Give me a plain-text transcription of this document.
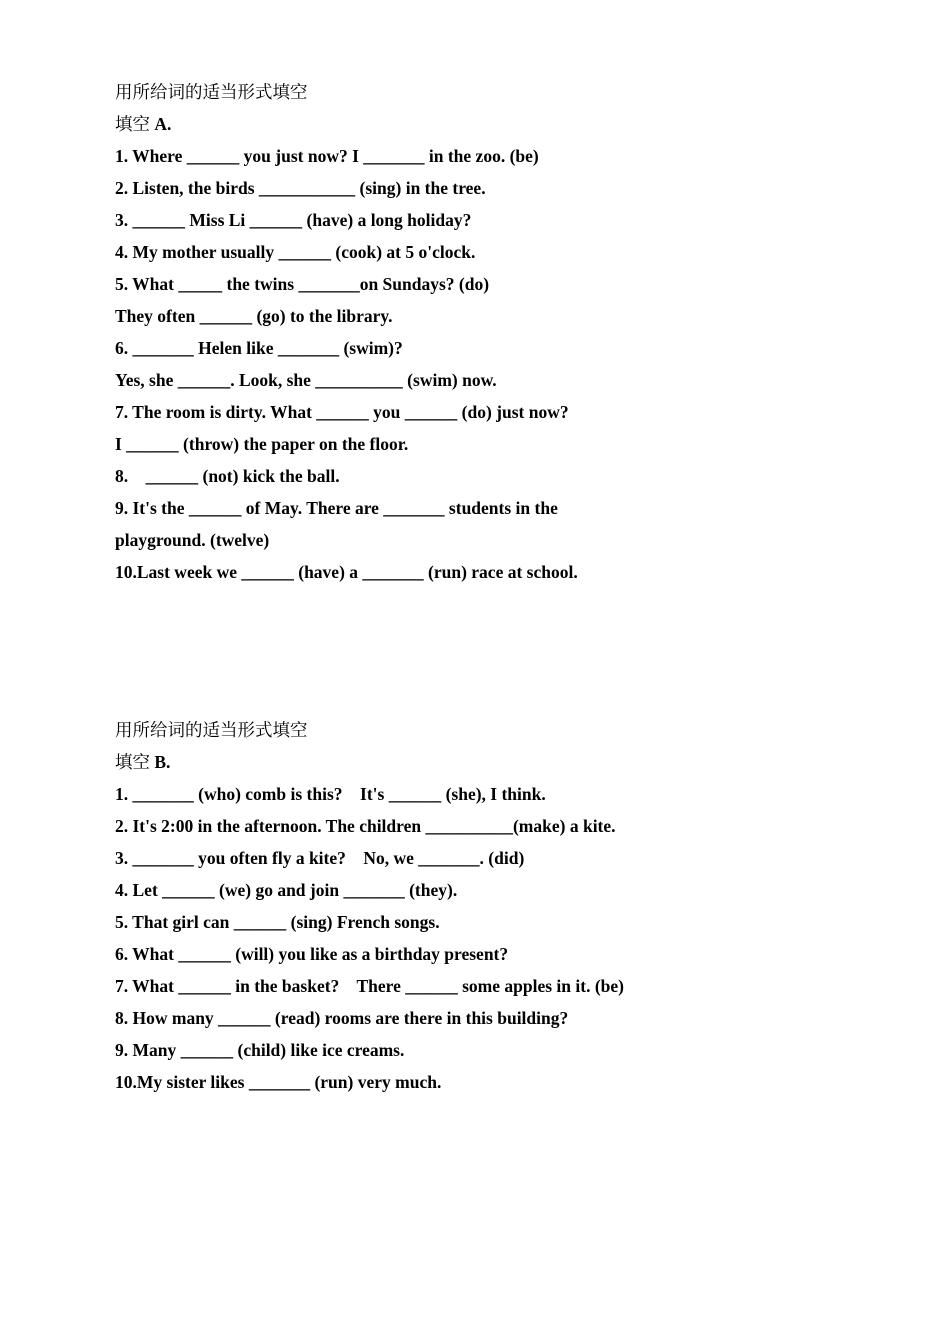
用所给词的适当形式填空
填空 A.
1. Where ______ you just now? I _______ in the zoo. (be)
2. Listen, the birds ___________ (sing) in the tree.
3. ______ Miss Li ______ (have) a long holiday?
4. My mother usually ______ (cook) at 5 o'clock.
5. What _____ the twins _______on Sundays? (do)
They often ______ (go) to the library.
6. _______ Helen like _______ (swim)?
Yes, she ______. Look, she __________ (swim) now.
7. The room is dirty. What ______ you ______ (do) just now?
I ______ (throw) the paper on the floor.
8.    ______ (not) kick the ball.
9. It's the ______ of May. There are _______ students in the
playground. (twelve)
10.Last week we ______ (have) a _______ (run) race at school.
用所给词的适当形式填空
填空 B.
1. _______ (who) comb is this?    It's ______ (she), I think.
2. It's 2:00 in the afternoon. The children __________(make) a kite.
3. _______ you often fly a kite?    No, we _______. (did)
4. Let ______ (we) go and join _______ (they).
5. That girl can ______ (sing) French songs.
6. What ______ (will) you like as a birthday present?
7. What ______ in the basket?    There ______ some apples in it. (be)
8. How many ______ (read) rooms are there in this building?
9. Many ______ (child) like ice creams.
10.My sister likes _______ (run) very much.
